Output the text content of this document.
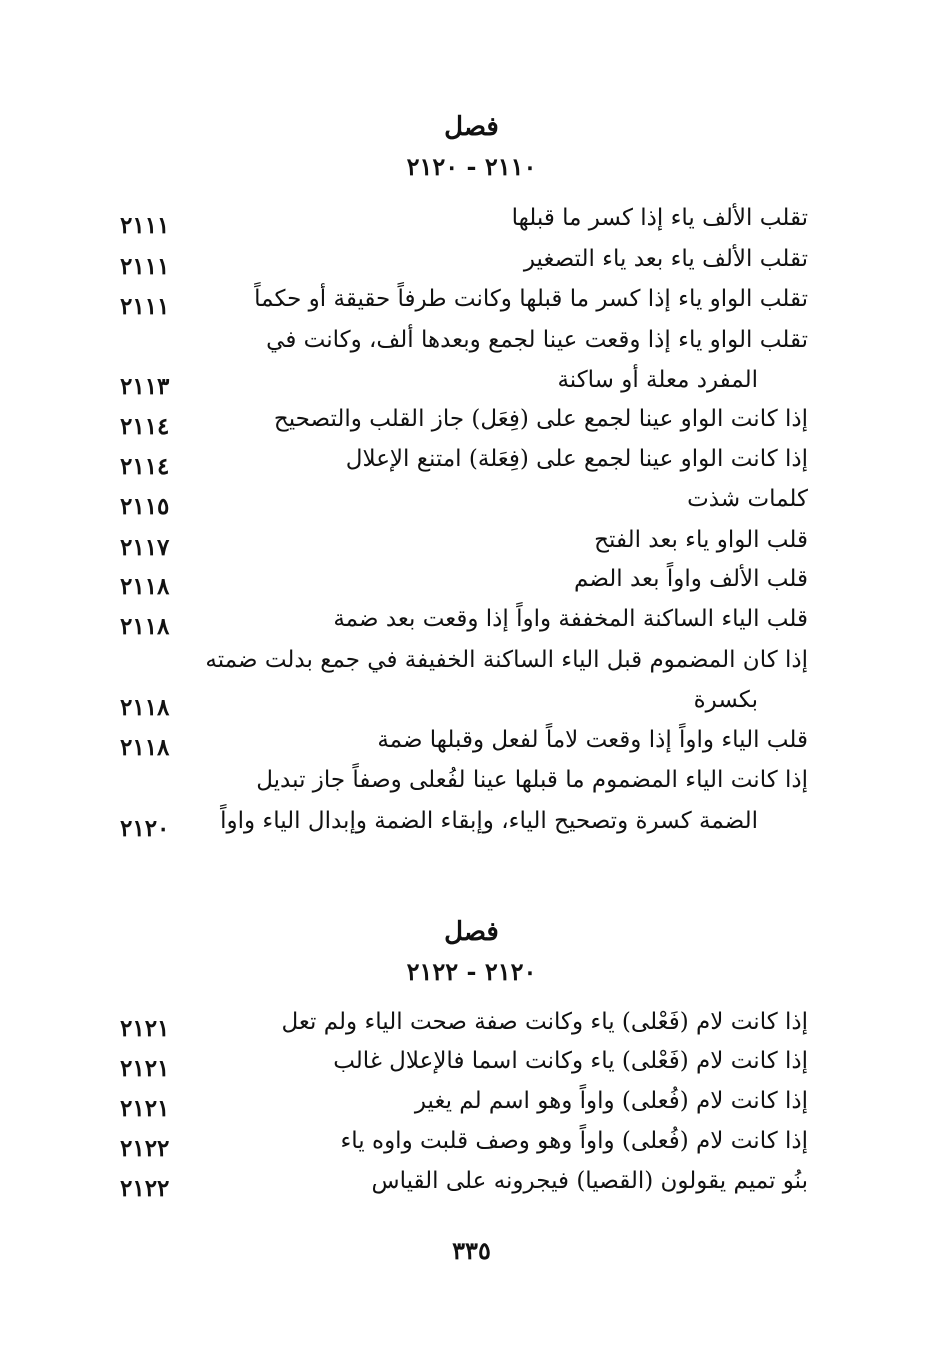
فصل
٢١١٠ - ٢١٢٠
تقلب الألف ياء إذا كسر ما قبلها
٢١١١
تقلب الألف ياء بعد ياء التصغير
٢١١١
تقلب الواو ياء إذا كسر ما قبلها وكانت طرفاً حقيقة أو حكماً
٢١١١
تقلب الواو ياء إذا وقعت عينا لجمع وبعدها ألف، وكانت في
المفرد معلة أو ساكنة
٢١١٣
إذا كانت الواو عينا لجمع على (فِعَل) جاز القلب والتصحيح
٢١١٤
إذا كانت الواو عينا لجمع على (فِعَلة) امتنع الإعلال
٢١١٤
كلمات شذت
٢١١٥
قلب الواو ياء بعد الفتح
٢١١٧
قلب الألف واواً بعد الضم
٢١١٨
قلب الياء الساكنة المخففة واواً إذا وقعت بعد ضمة
٢١١٨
إذا كان المضموم قبل الياء الساكنة الخفيفة في جمع بدلت ضمته
بكسرة
٢١١٨
قلب الياء واواً إذا وقعت لاماً لفعل وقبلها ضمة
٢١١٨
إذا كانت الياء المضموم ما قبلها عينا لفُعلى وصفاً جاز تبديل
الضمة كسرة وتصحيح الياء، وإبقاء الضمة وإبدال الياء واواً
٢١٢٠
فصل
٢١٢٠ - ٢١٢٢
إذا كانت لام (فَعْلى) ياء وكانت صفة صحت الياء ولم تعل
٢١٢١
إذا كانت لام (فَعْلى) ياء وكانت اسما فالإعلال غالب
٢١٢١
إذا كانت لام (فُعلى) واواً وهو اسم لم يغير
٢١٢١
إذا كانت لام (فُعلى) واواً وهو وصف قلبت واوه ياء
٢١٢٢
بنُو تميم يقولون (القصيا) فيجرونه على القياس
٢١٢٢
٣٣٥
